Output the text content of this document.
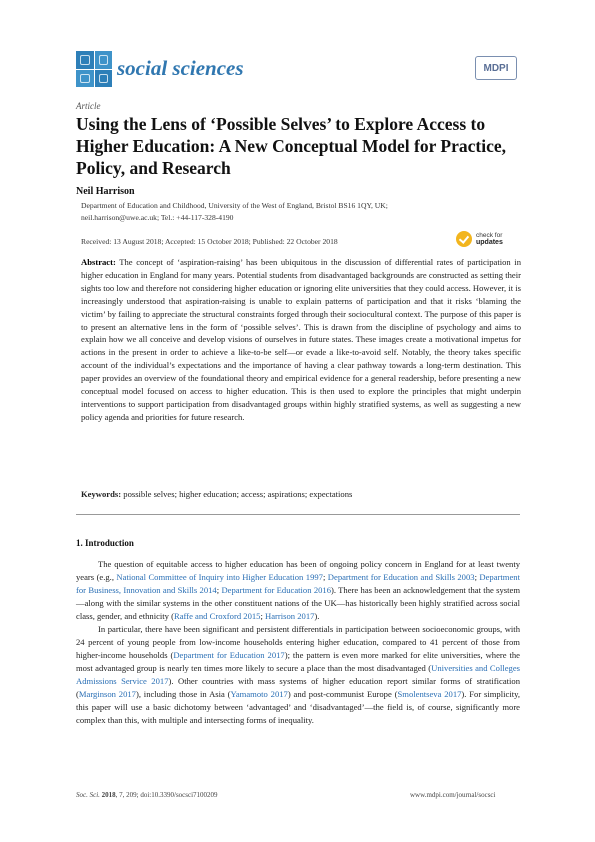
social sciences	MDPI
Article
Using the Lens of ‘Possible Selves’ to Explore Access to Higher Education: A New Conceptual Model for Practice, Policy, and Research
Neil Harrison
Department of Education and Childhood, University of the West of England, Bristol BS16 1QY, UK;
neil.harrison@uwe.ac.uk; Tel.: +44-117-328-4190
Received: 13 August 2018; Accepted: 15 October 2018; Published: 22 October 2018
check for
updates
Abstract: The concept of ‘aspiration-raising’ has been ubiquitous in the discussion of differential rates of participation in higher education in England for many years. Potential students from disadvantaged backgrounds are constructed as setting their sights too low and therefore not considering higher education or ignoring elite universities that they could access. However, it is increasingly understood that aspiration-raising is unable to explain patterns of participation and that it risks ‘blaming the victim’ by failing to appreciate the structural constraints forged through their sociocultural context. The purpose of this paper is to present an alternative lens in the form of ‘possible selves’. This is drawn from the discipline of psychology and aims to explain how we all conceive and develop visions of ourselves in future states. These images create a motivational impetus for actions in the present in order to achieve a like-to-be self—or evade a like-to-avoid self. Notably, the theory takes specific account of the individual’s expectations and the importance of having a clear pathway towards a long-term destination. This paper provides an overview of the foundational theory and empirical evidence for a general readership, before presenting a new conceptual model focused on access to higher education. This is then used to explore the principles that might underpin interventions to support participation from disadvantaged groups within highly stratified systems, as well as suggesting a new policy agenda and priorities for future research.
Keywords: possible selves; higher education; access; aspirations; expectations
1. Introduction

The question of equitable access to higher education has been of ongoing policy concern in England for at least twenty years (e.g., National Committee of Inquiry into Higher Education 1997; Department for Education and Skills 2003; Department for Business, Innovation and Skills 2014; Department for Education 2016). There has been an acknowledgement that the system—along with the similar systems in the other constituent nations of the UK—has historically been highly stratified across social class, gender, and ethnicity (Raffe and Croxford 2015; Harrison 2017).

In particular, there have been significant and persistent differentials in participation between socioeconomic groups, with 24 percent of young people from low-income households entering higher education, compared to 41 percent of those from higher-income households (Department for Education 2017); the pattern is even more marked for elite universities, where the most advantaged group is nearly ten times more likely to secure a place than the most disadvantaged (Universities and Colleges Admissions Service 2017). Other countries with mass systems of higher education report similar forms of stratification (Marginson 2017), including those in Asia (Yamamoto 2017) and post-communist Europe (Smolentseva 2017). For simplicity, this paper will use a basic dichotomy between ‘advantaged’ and ‘disadvantaged’—the field is, of course, significantly more complex than this, with multiple and intersecting forms of inequality.

Soc. Sci. 2018, 7, 209; doi:10.3390/socsci7100209	www.mdpi.com/journal/socsci
